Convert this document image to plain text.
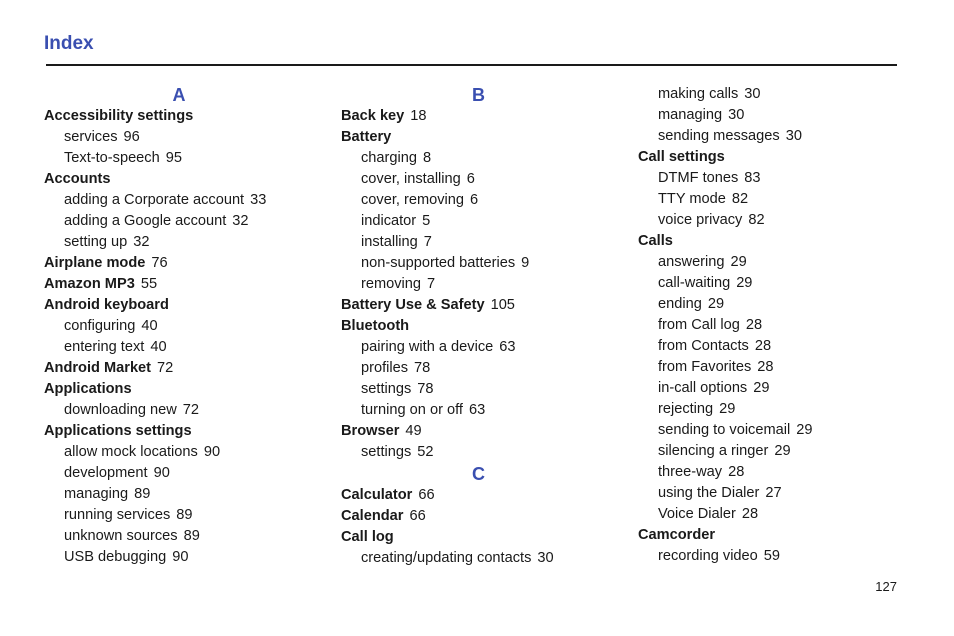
Index
A
Accessibility settings
services 96
Text-to-speech 95
Accounts
adding a Corporate account 33
adding a Google account 32
setting up 32
Airplane mode 76
Amazon MP3 55
Android keyboard
configuring 40
entering text 40
Android Market 72
Applications
downloading new 72
Applications settings
allow mock locations 90
development 90
managing 89
running services 89
unknown sources 89
USB debugging 90
B
Back key 18
Battery
charging 8
cover, installing 6
cover, removing 6
indicator 5
installing 7
non-supported batteries 9
removing 7
Battery Use & Safety 105
Bluetooth
pairing with a device 63
profiles 78
settings 78
turning on or off 63
Browser 49
settings 52
C
Calculator 66
Calendar 66
Call log
creating/updating contacts 30
making calls 30
managing 30
sending messages 30
Call settings
DTMF tones 83
TTY mode 82
voice privacy 82
Calls
answering 29
call-waiting 29
ending 29
from Call log 28
from Contacts 28
from Favorites 28
in-call options 29
rejecting 29
sending to voicemail 29
silencing a ringer 29
three-way 28
using the Dialer 27
Voice Dialer 28
Camcorder
recording video 59
127
